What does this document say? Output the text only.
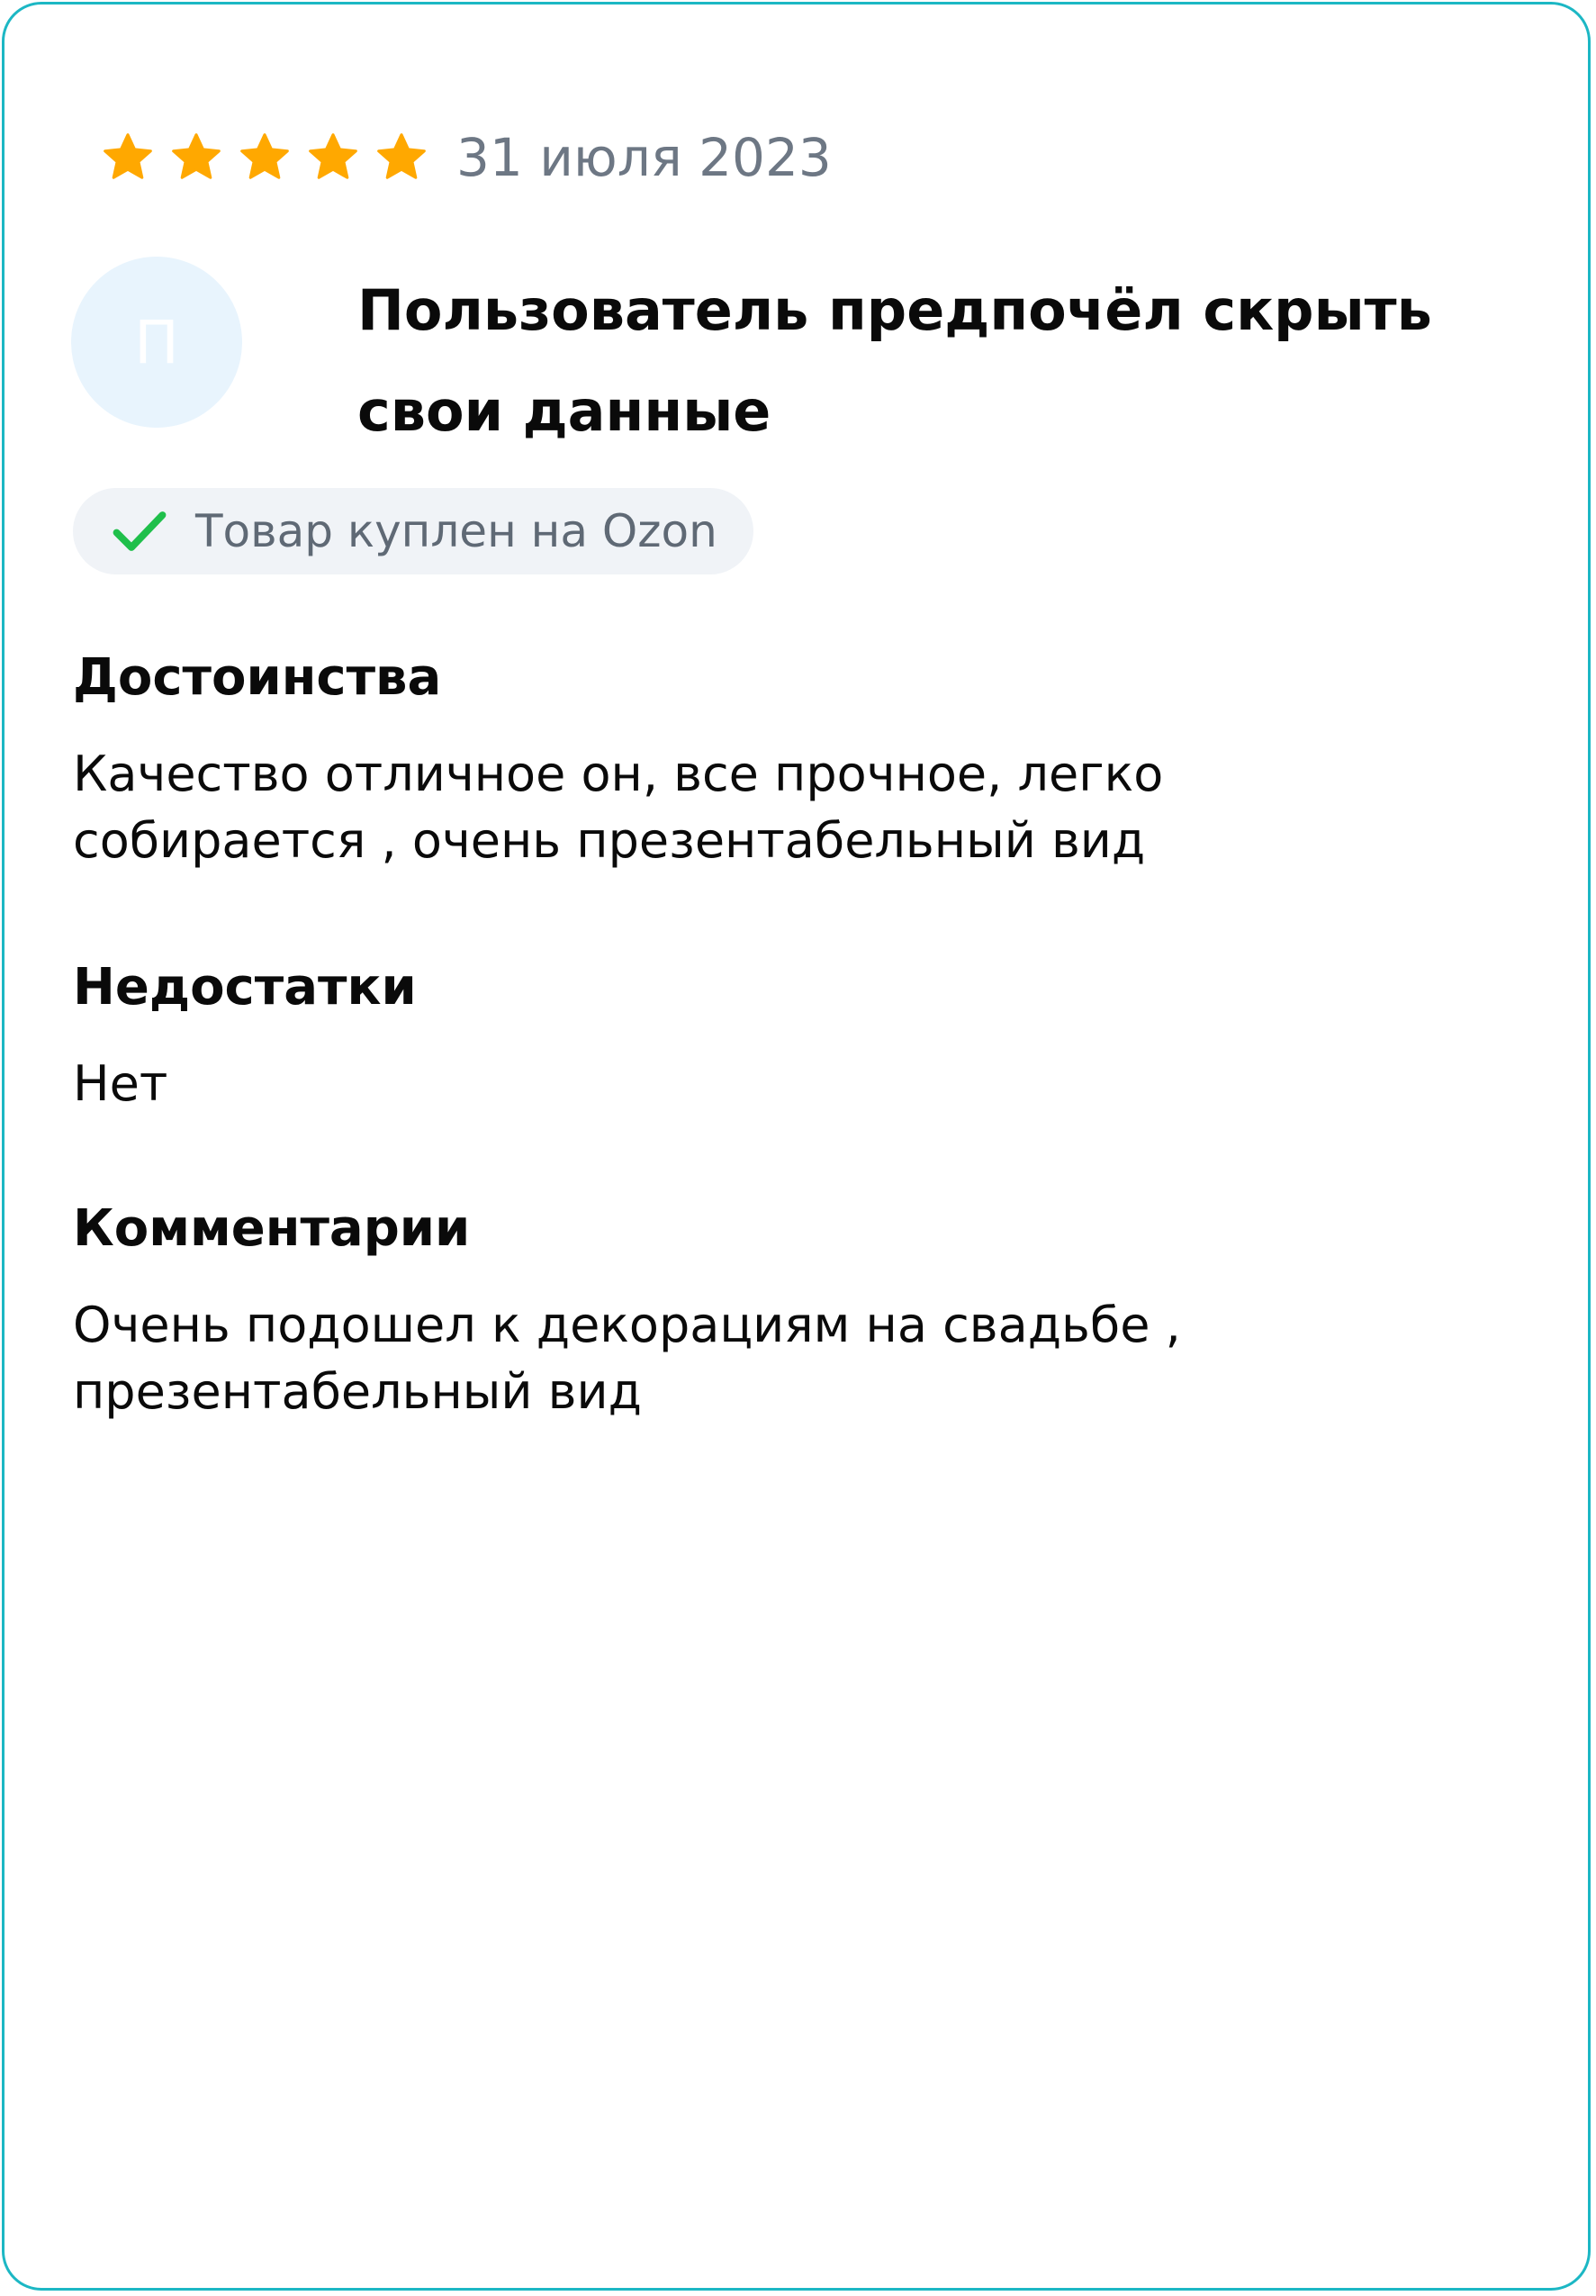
31 июля 2023
П	Пользователь предпочёл скрыть свои данные
Товар куплен на Ozon
Достоинства
Качество отличное он, все прочное, легко собирается , очень презентабельный вид
Недостатки
Нет
Комментарии
Очень подошел к декорациям на свадьбе , презентабельный вид
